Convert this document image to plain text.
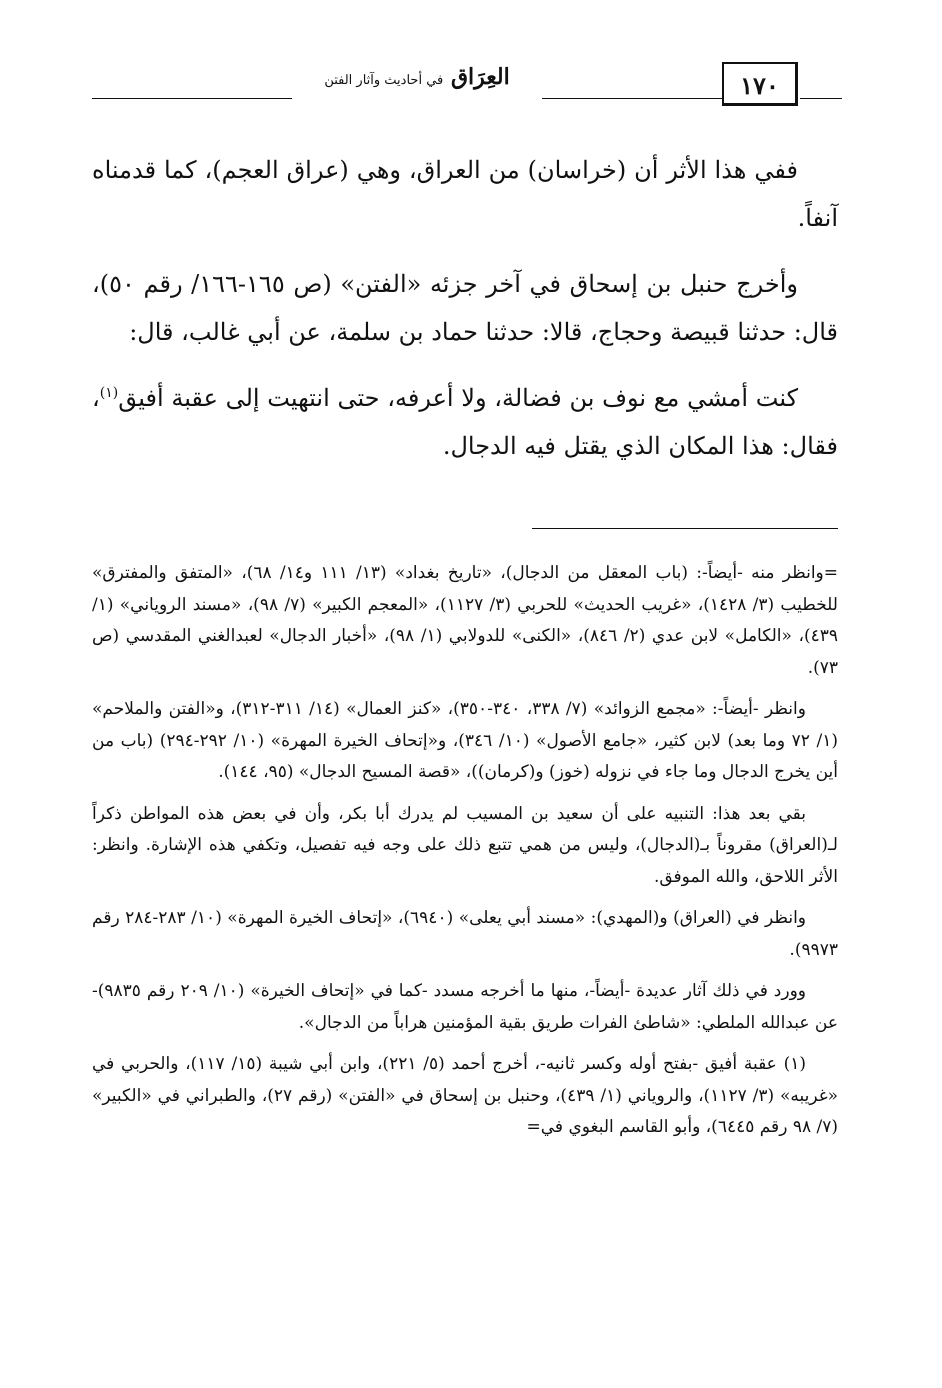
العِرَاق في أحاديث وآثار الفتن	١٧٠

ففي هذا الأثر أن (خراسان) من العراق، وهي (عراق العجم)، كما قدمناه آنفاً.

وأخرج حنبل بن إسحاق في آخر جزئه «الفتن» (ص ١٦٥-١٦٦/ رقم ٥٠)، قال: حدثنا قبيصة وحجاج، قالا: حدثنا حماد بن سلمة، عن أبي غالب، قال:

كنت أمشي مع نوف بن فضالة، ولا أعرفه، حتى انتهيت إلى عقبة أفيق$^{(١)}$، فقال: هذا المكان الذي يقتل فيه الدجال.

=وانظر منه -أيضاً-: (باب المعقل من الدجال)، «تاريخ بغداد» (١٣/ ١١١ و١٤/ ٦٨)، «المتفق والمفترق» للخطيب (٣/ ١٤٢٨)، «غريب الحديث» للحربي (٣/ ١١٢٧)، «المعجم الكبير» (٧/ ٩٨)، «مسند الروياني» (١/ ٤٣٩)، «الكامل» لابن عدي (٢/ ٨٤٦)، «الكنى» للدولابي (١/ ٩٨)، «أخبار الدجال» لعبدالغني المقدسي (ص ٧٣).

وانظر -أيضاً-: «مجمع الزوائد» (٧/ ٣٣٨، ٣٤٠-٣٥٠)، «كنز العمال» (١٤/ ٣١١-٣١٢)، و«الفتن والملاحم» (١/ ٧٢ وما بعد) لابن كثير، «جامع الأصول» (١٠/ ٣٤٦)، و«إتحاف الخيرة المهرة» (١٠/ ٢٩٢-٢٩٤) (باب من أين يخرج الدجال وما جاء في نزوله (خوز) و(كرمان))، «قصة المسيح الدجال» (٩٥، ١٤٤).

بقي بعد هذا: التنبيه على أن سعيد بن المسيب لم يدرك أبا بكر، وأن في بعض هذه المواطن ذكراً لـ(العراق) مقروناً بـ(الدجال)، وليس من همي تتبع ذلك على وجه فيه تفصيل، وتكفي هذه الإشارة. وانظر: الأثر اللاحق، والله الموفق.

وانظر في (العراق) و(المهدي): «مسند أبي يعلى» (٦٩٤٠)، «إتحاف الخيرة المهرة» (١٠/ ٢٨٣-٢٨٤ رقم ٩٩٧٣).

وورد في ذلك آثار عديدة -أيضاً-، منها ما أخرجه مسدد -كما في «إتحاف الخيرة» (١٠/ ٢٠٩ رقم ٩٨٣٥)- عن عبدالله الملطي: «شاطئ الفرات طريق بقية المؤمنين هراباً من الدجال».

(١) عقبة أفيق -بفتح أوله وكسر ثانيه-، أخرج أحمد (٥/ ٢٢١)، وابن أبي شيبة (١٥/ ١١٧)، والحربي في «غريبه» (٣/ ١١٢٧)، والروياني (١/ ٤٣٩)، وحنبل بن إسحاق في «الفتن» (رقم ٢٧)، والطبراني في «الكبير» (٧/ ٩٨ رقم ٦٤٤٥)، وأبو القاسم البغوي في=
